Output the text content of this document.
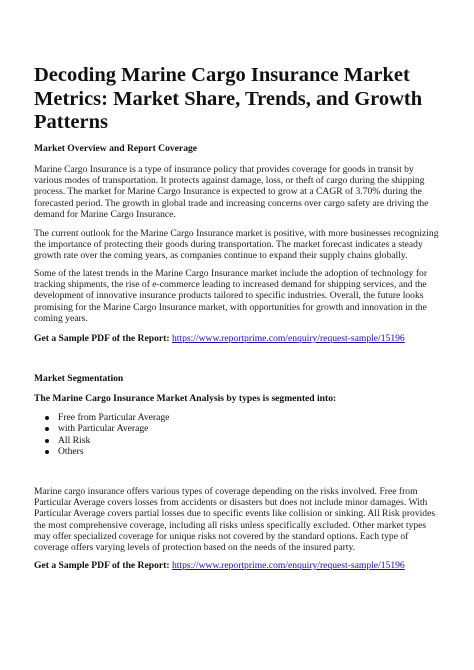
Decoding Marine Cargo Insurance Market Metrics: Market Share, Trends, and Growth Patterns
Market Overview and Report Coverage

Marine Cargo Insurance is a type of insurance policy that provides coverage for goods in transit by various modes of transportation. It protects against damage, loss, or theft of cargo during the shipping process. The market for Marine Cargo Insurance is expected to grow at a CAGR of 3.70% during the forecasted period. The growth in global trade and increasing concerns over cargo safety are driving the demand for Marine Cargo Insurance.

The current outlook for the Marine Cargo Insurance market is positive, with more businesses recognizing the importance of protecting their goods during transportation. The market forecast indicates a steady growth rate over the coming years, as companies continue to expand their supply chains globally.

Some of the latest trends in the Marine Cargo Insurance market include the adoption of technology for tracking shipments, the rise of e-commerce leading to increased demand for shipping services, and the development of innovative insurance products tailored to specific industries. Overall, the future looks promising for the Marine Cargo Insurance market, with opportunities for growth and innovation in the coming years.

Get a Sample PDF of the Report: https://www.reportprime.com/enquiry/request-sample/15196

Market Segmentation
The Marine Cargo Insurance Market Analysis by types is segmented into:
Free from Particular Average
with Particular Average
All Risk
Others

Marine cargo insurance offers various types of coverage depending on the risks involved. Free from Particular Average covers losses from accidents or disasters but does not include minor damages. With Particular Average covers partial losses due to specific events like collision or sinking. All Risk provides the most comprehensive coverage, including all risks unless specifically excluded. Other market types may offer specialized coverage for unique risks not covered by the standard options. Each type of coverage offers varying levels of protection based on the needs of the insured party.

Get a Sample PDF of the Report: https://www.reportprime.com/enquiry/request-sample/15196
